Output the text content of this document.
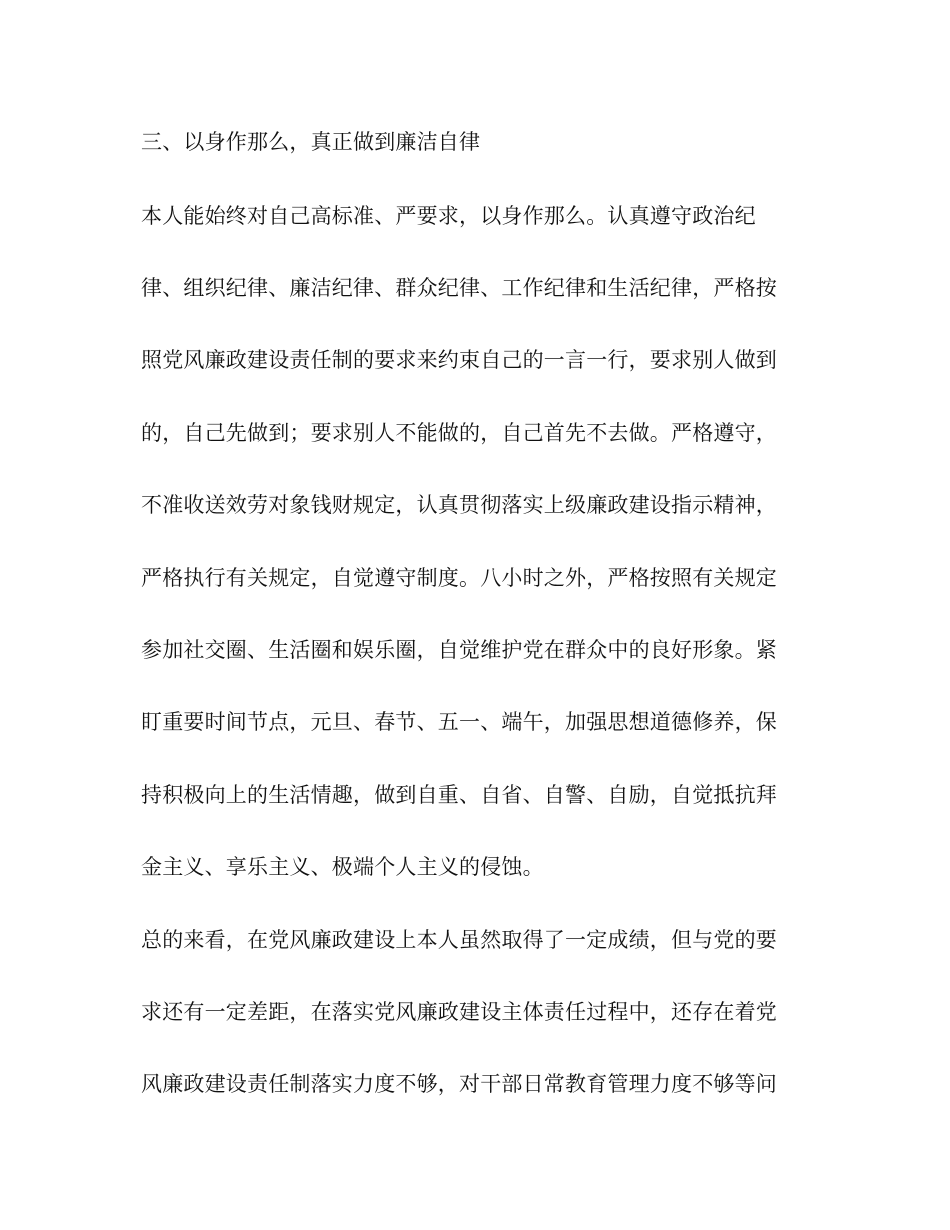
三、以身作那么，真正做到廉洁自律
本人能始终对自己高标准、严要求，以身作那么。认真遵守政治纪
律、组织纪律、廉洁纪律、群众纪律、工作纪律和生活纪律，严格按
照党风廉政建设责任制的要求来约束自己的一言一行，要求别人做到
的，自己先做到；要求别人不能做的，自己首先不去做。严格遵守，
不准收送效劳对象钱财规定，认真贯彻落实上级廉政建设指示精神，
严格执行有关规定，自觉遵守制度。八小时之外，严格按照有关规定
参加社交圈、生活圈和娱乐圈，自觉维护党在群众中的良好形象。紧
盯重要时间节点，元旦、春节、五一、端午，加强思想道德修养，保
持积极向上的生活情趣，做到自重、自省、自警、自励，自觉抵抗拜
金主义、享乐主义、极端个人主义的侵蚀。
总的来看，在党风廉政建设上本人虽然取得了一定成绩，但与党的要
求还有一定差距，在落实党风廉政建设主体责任过程中，还存在着党
风廉政建设责任制落实力度不够，对干部日常教育管理力度不够等问
